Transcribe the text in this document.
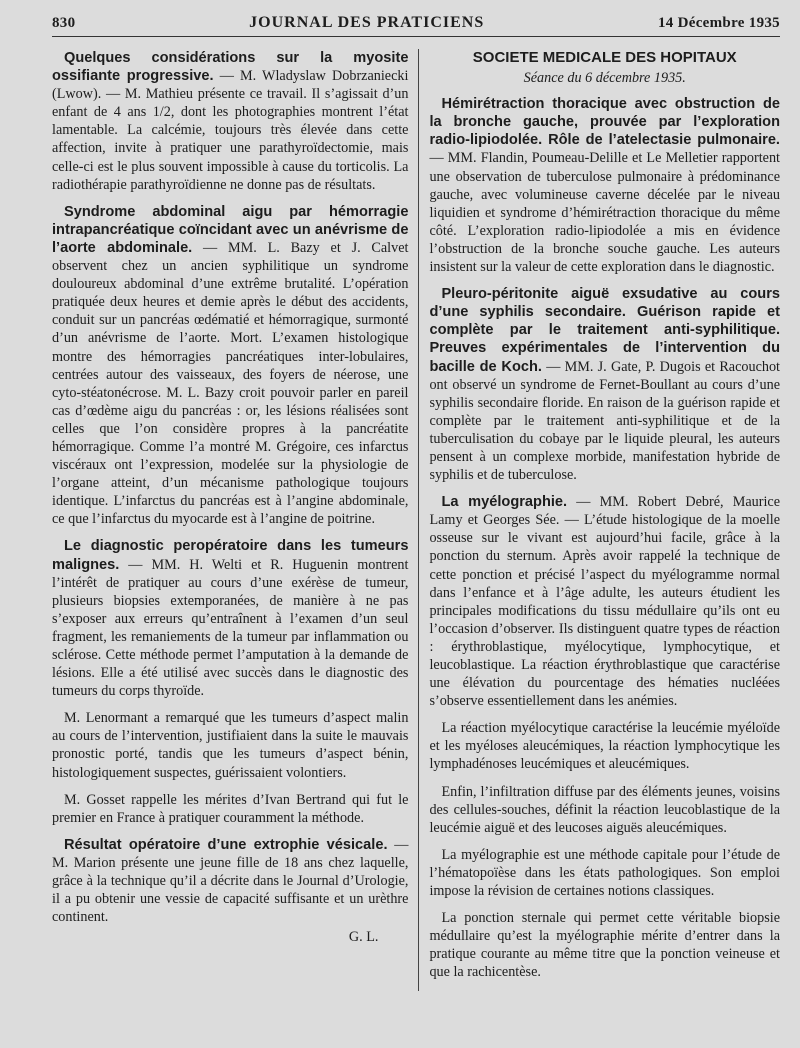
830	JOURNAL DES PRATICIENS	14 Décembre 1935

Quelques considérations sur la myosite ossifiante progressive. — M. Wladyslaw Dobrzaniecki (Lwow). — M. Mathieu présente ce travail. Il s’agissait d’un enfant de 4 ans 1/2, dont les photographies montrent l’état lamentable. La calcémie, toujours très élevée dans cette affection, invite à pratiquer une parathyroïdectomie, mais celle-ci est le plus souvent impossible à cause du torticolis. La radiothérapie parathyroïdienne ne donne pas de résultats.

Syndrome abdominal aigu par hémorragie intrapancréatique coïncidant avec un anévrisme de l’aorte abdominale. — MM. L. Bazy et J. Calvet observent chez un ancien syphilitique un syndrome douloureux abdominal d’une extrême brutalité. L’opération pratiquée deux heures et demie après le début des accidents, conduit sur un pancréas œdématié et hémorragique, surmonté d’un anévrisme de l’aorte. Mort. L’examen histologique montre des hémorragies pancréatiques inter-lobulaires, centrées autour des vaisseaux, des foyers de néerose, une cyto-stéatonécrose. M. L. Bazy croit pouvoir parler en pareil cas d’œdème aigu du pancréas : or, les lésions réalisées sont celles que l’on considère propres à la pancréatite hémorragique. Comme l’a montré M. Grégoire, ces infarctus viscéraux ont l’expression, modelée sur la physiologie de l’organe atteint, d’un mécanisme pathologique toujours identique. L’infarctus du pancréas est à l’angine abdominale, ce que l’infarctus du myocarde est à l’angine de poitrine.

Le diagnostic peropératoire dans les tumeurs malignes. — MM. H. Welti et R. Huguenin montrent l’intérêt de pratiquer au cours d’une exérèse de tumeur, plusieurs biopsies extemporanées, de manière à ne pas s’exposer aux erreurs qu’entraînent à l’examen d’un seul fragment, les remaniements de la tumeur par inflammation ou sclérose. Cette méthode permet l’amputation à la demande de lésions. Elle a été utilisé avec succès dans le diagnostic des tumeurs du corps thyroïde.

M. Lenormant a remarqué que les tumeurs d’aspect malin au cours de l’intervention, justifiaient dans la suite le mauvais pronostic porté, tandis que les tumeurs d’aspect bénin, histologiquement suspectes, guérissaient volontiers.

M. Gosset rappelle les mérites d’Ivan Bertrand qui fut le premier en France à pratiquer couramment la méthode.

Résultat opératoire d’une extrophie vésicale. — M. Marion présente une jeune fille de 18 ans chez laquelle, grâce à la technique qu’il a décrite dans le Journal d’Urologie, il a pu obtenir une vessie de capacité suffisante et un urèthre continent.

G. L.
SOCIETE MEDICALE DES HOPITAUX
Séance du 6 décembre 1935.

Hémirétraction thoracique avec obstruction de la bronche gauche, prouvée par l’exploration radio-lipiodolée. Rôle de l’atelectasie pulmonaire. — MM. Flandin, Poumeau-Delille et Le Melletier rapportent une observation de tuberculose pulmonaire à prédominance gauche, avec volumineuse caverne décelée par le niveau liquidien et syndrome d’hémirétraction thoracique du même côté. L’exploration radio-lipiodolée a mis en évidence l’obstruction de la bronche souche gauche. Les auteurs insistent sur la valeur de cette exploration dans le diagnostic.

Pleuro-péritonite aiguë exsudative au cours d’une syphilis secondaire. Guérison rapide et complète par le traitement anti-syphilitique. Preuves expérimentales de l’intervention du bacille de Koch. — MM. J. Gate, P. Dugois et Racouchot ont observé un syndrome de Fernet-Boullant au cours d’une syphilis secondaire floride. En raison de la guérison rapide et complète par le traitement anti-syphilitique et de la tuberculisation du cobaye par le liquide pleural, les auteurs pensent à un complexe morbide, manifestation hybride de syphilis et de tuberculose.

La myélographie. — MM. Robert Debré, Maurice Lamy et Georges Sée. — L’étude histologique de la moelle osseuse sur le vivant est aujourd’hui facile, grâce à la ponction du sternum. Après avoir rappelé la technique de cette ponction et précisé l’aspect du myélogramme normal dans l’enfance et à l’âge adulte, les auteurs étudient les principales modifications du tissu médullaire qu’ils ont eu l’occasion d’observer. Ils distinguent quatre types de réaction : érythroblastique, myélocytique, lymphocytique, et leucoblastique. La réaction érythroblastique que caractérise une élévation du pourcentage des hématies nucléées s’observe essentiellement dans les anémies.

La réaction myélocytique caractérise la leucémie myéloïde et les myéloses aleucémiques, la réaction lymphocytique les lymphadénoses leucémiques et aleucémiques.

Enfin, l’infiltration diffuse par des éléments jeunes, voisins des cellules-souches, définit la réaction leucoblastique de la leucémie aiguë et des leucoses aiguës aleucémiques.

La myélographie est une méthode capitale pour l’étude de l’hématopoïèse dans les états pathologiques. Son emploi impose la révision de certaines notions classiques.

La ponction sternale qui permet cette véritable biopsie médullaire qu’est la myélographie mérite d’entrer dans la pratique courante au même titre que la ponction veineuse et que la rachicentèse.
